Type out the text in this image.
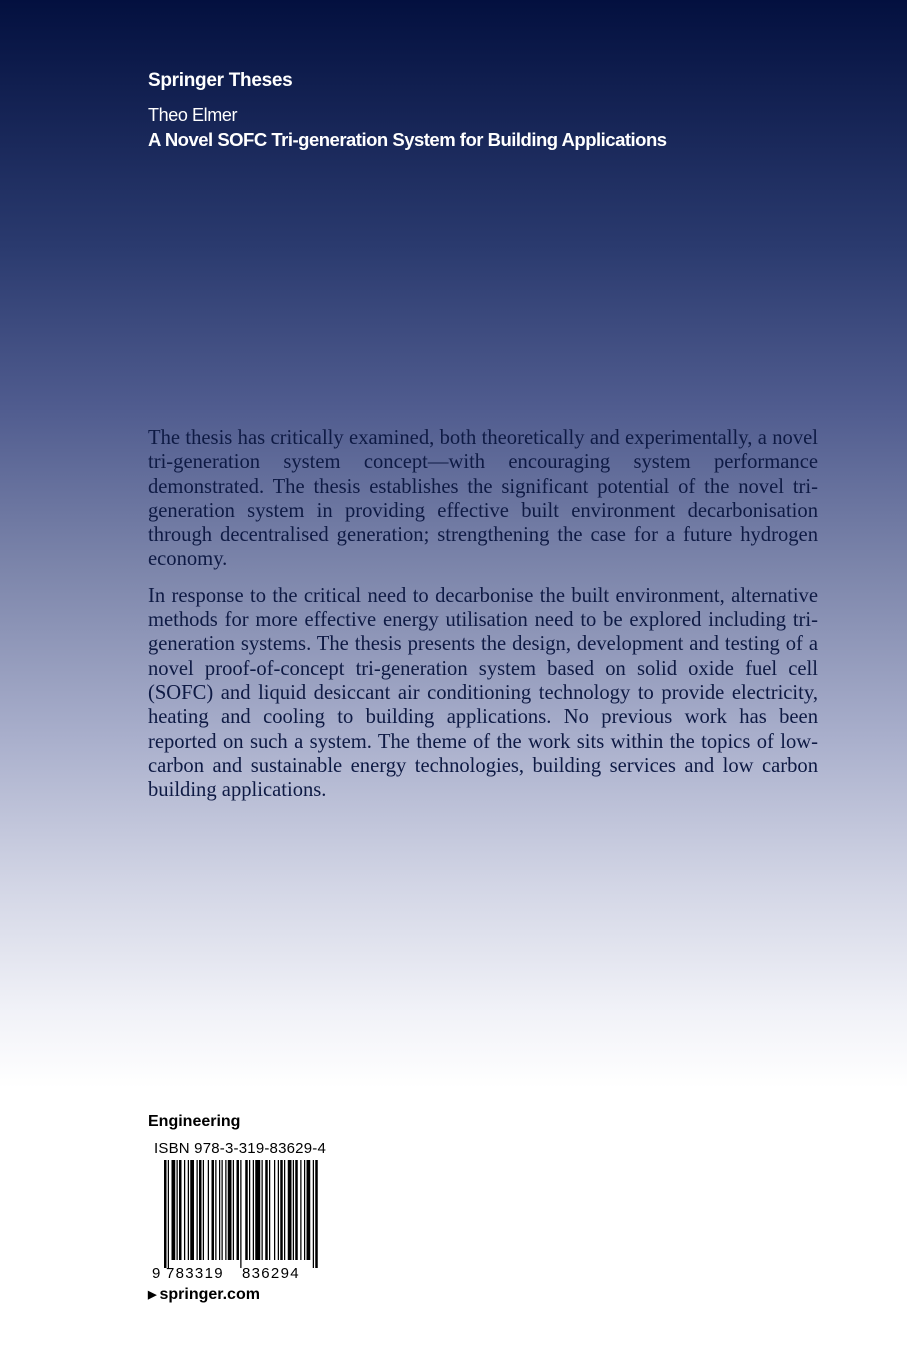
Springer Theses
Theo Elmer
A Novel SOFC Tri-generation System for Building Applications

The thesis has critically examined, both theoretically and experimentally, a novel tri-generation system concept—with encouraging system performance demonstrated. The thesis establishes the significant potential of the novel tri-generation system in providing effective built environment decarbonisation through decentralised generation; strengthening the case for a future hydrogen economy.

In response to the critical need to decarbonise the built environment, alternative methods for more effective energy utilisation need to be explored including tri-generation systems. The thesis presents the design, development and testing of a novel proof-of-concept tri-generation system based on solid oxide fuel cell (SOFC) and liquid desiccant air conditioning technology to provide electricity, heating and cooling to building applications. No previous work has been reported on such a system. The theme of the work sits within the topics of low-carbon and sustainable energy technologies, building services and low carbon building applications.

Engineering
ISBN 978-3-319-83629-4
9 783319 836294
▶ springer.com
